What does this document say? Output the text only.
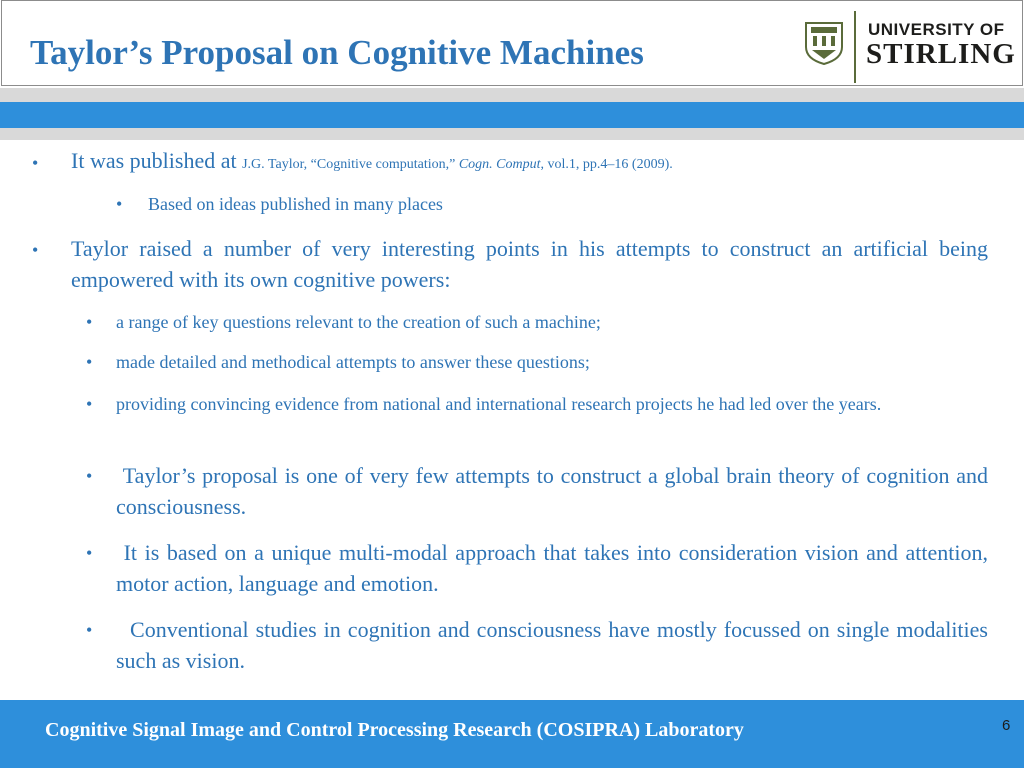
Taylor’s Proposal on Cognitive Machines
UNIVERSITY OF
STIRLING
• It was published at J.G. Taylor, “Cognitive computation,” Cogn. Comput, vol.1, pp.4–16 (2009).
• Based on ideas published in many places
• Taylor raised a number of very interesting points in his attempts to construct an artificial being empowered with its own cognitive powers:
• a range of key questions relevant to the creation of such a machine;
• made detailed and methodical attempts to answer these questions;
• providing convincing evidence from national and international research projects he had led over the years.
• Taylor’s proposal is one of very few attempts to construct a global brain theory of cognition and consciousness.
• It is based on a unique multi-modal approach that takes into consideration vision and attention, motor action, language and emotion.
• Conventional studies in cognition and consciousness have mostly focussed on single modalities such as vision.
Cognitive Signal Image and Control Processing Research (COSIPRA) Laboratory	6
